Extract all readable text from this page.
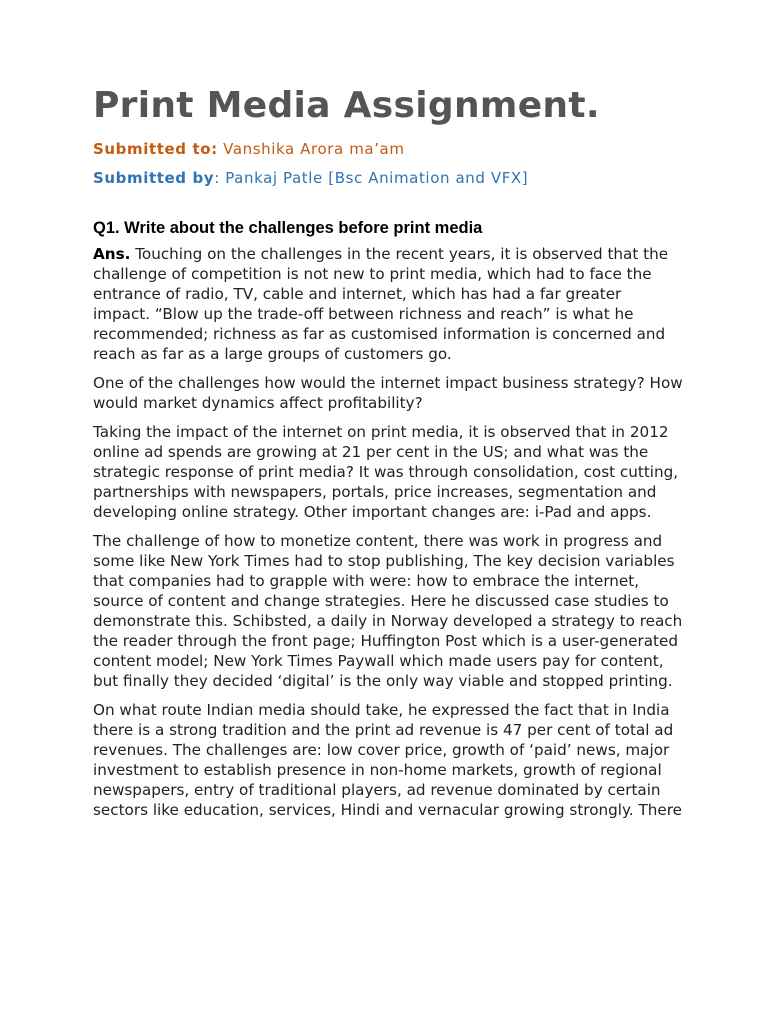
Print Media Assignment.
Submitted to: Vanshika Arora ma’am
Submitted by: Pankaj Patle [Bsc Animation and VFX]
Q1. Write about the challenges before print media

Ans. Touching on the challenges in the recent years, it is observed that the challenge of competition is not new to print media, which had to face the entrance of radio, TV, cable and internet, which has had a far greater impact. “Blow up the trade-off between richness and reach” is what he recommended; richness as far as customised information is concerned and reach as far as a large groups of customers go.

One of the challenges how would the internet impact business strategy? How would market dynamics affect profitability?

Taking the impact of the internet on print media, it is observed that in 2012 online ad spends are growing at 21 per cent in the US; and what was the strategic response of print media? It was through consolidation, cost cutting, partnerships with newspapers, portals, price increases, segmentation and developing online strategy. Other important changes are: i-Pad and apps.

The challenge of how to monetize content, there was work in progress and some like New York Times had to stop publishing, The key decision variables that companies had to grapple with were: how to embrace the internet, source of content and change strategies. Here he discussed case studies to demonstrate this. Schibsted, a daily in Norway developed a strategy to reach the reader through the front page; Huffington Post which is a user-generated content model; New York Times Paywall which made users pay for content, but finally they decided ‘digital’ is the only way viable and stopped printing.

On what route Indian media should take, he expressed the fact that in India there is a strong tradition and the print ad revenue is 47 per cent of total ad revenues. The challenges are: low cover price, growth of ‘paid’ news, major investment to establish presence in non-home markets, growth of regional newspapers, entry of traditional players, ad revenue dominated by certain sectors like education, services, Hindi and vernacular growing strongly. There
